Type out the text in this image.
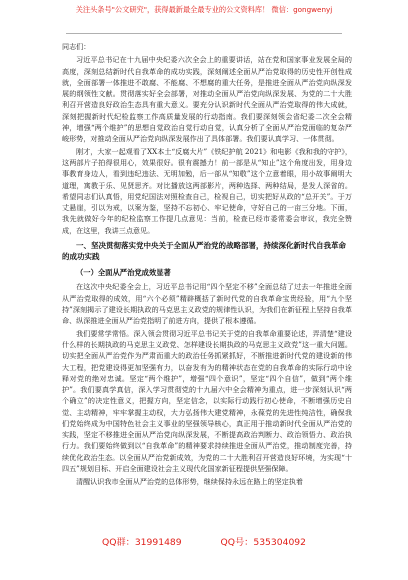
关注头条号"公文研究"，获得最新最全最专业的公文资料库！ 微信：gongwenyj

同志们：

习近平总书记在十九届中央纪委六次全会上的重要讲话，站在党和国家事业发展全局的高度，深刻总结新时代自我革命的成功实践，深刻阐述全面从严治党取得的历史性开创性成就，全面部署一体推进不敢腐、不能腐、不想腐的重大任务，是推进全面从严治党向纵深发展的纲领性文献。贯彻落实好全会部署，对推动全面从严治党向纵深发展、为党的二十大胜利召开营造良好政治生态具有重大意义。要充分认识新时代全面从严治党取得的伟大成就，深刻把握新时代纪检监察工作高质量发展的行动指南。我们要深刻领会省纪委二次全会精神，增强“两个维护”的思想自觉政治自觉行动自觉，认真分析了全面从严治党面临的复杂严峻形势，对推动全面从严治党向纵深发展作出了具体部署。我们要认真学习、一体贯彻。

刚才，大家一起观看了XX本土“反腐大片”《铁纪护航 2021》和电影《我和我的守护》，这两部片子拍得很用心，效果很好。很有震撼力！前一部是从“知止”这个角度出发，用身边事教育身边人，看到违纪违法、无明加勉，后一部从“知敬”这个立意着眼，用小故事阐明大道理，寓教于乐、见贤思齐。对比播放这两部影片，两种选择、两种结局，是发人深省的。希望同志们认真悟，用党纪国法对照检查自己，检视自己，切实把好从政的“总开关”。于万丈悬崖，引以为戒，以案为鉴，坚持不忘初心、牢记使命，守好自己的一亩三分地。下面，我先就做好今年的纪检监察工作提几点意见：当前，检查已经市委常委会审议，我完全赞成，在这里，我讲三点意见。

一、坚决贯彻落实党中央关于全面从严治党的战略部署，持续深化新时代自我革命的成功实践
（一）全面从严治党成效显著

在这次中央纪委全会上，习近平总书记用“四个坚定不移”全面总结了过去一年推进全面从严治党取得的成效，用“六个必须”精辟概括了新时代党的自我革命宝贵经验，用“九个坚持”深刻揭示了建设长期执政的马克思主义政党的规律性认识，为我们在新征程上坚持自我革命、纵深推进全面从严治党指明了前进方向，提供了根本遵循。

我们要常学常悟。深入领会贯彻习近平总书记关于党的自我革命重要论述，弄清楚“建设什么样的长期执政的马克思主义政党、怎样建设长期执政的马克思主义政党”这一重大问题。切实把全面从严治党作为严肃而重大的政治任务抓紧抓好，不断推进新时代党的建设新的伟大工程，把党建设得更加坚强有力，以奋发有为的精神状态在党的自我革命的实际行动中诠释对党的绝对忠诚。坚定“两个维护”，增强“四个意识”，坚定“四个自信”，做到“两个维护”。我们要真学真信，深入学习贯彻党的十九届六中全会精神为重点，进一步深刻认识“两个确立”的决定性意义，把握方向，坚定信念，以实际行动践行初心使命，不断增强历史自觉、主动精神，牢牢掌握主动权，大力弘扬伟大建党精神，永葆党的先进性纯洁性，确保我们党始终成为中国特色社会主义事业的坚强领导核心，真正用于推动新时代全面从严治党的实践，坚定不移推进全面从严治党向纵深发展，不断提高政治判断力、政治领悟力、政治执行力。我们要始终做到以“自我革命”的精神要求持续推进全面从严治党，推动制度完善，持续优化政治生态。以全面从严治党新成效，为党的二十大胜利召开营造良好环境，为实现“十四五”规划目标、开启全面建设社会主义现代化国家新征程提供坚强保障。

清醒认识我市全面从严治党的总体形势，继续保持永远在路上的坚定执着

QQ群：31991489	QQ号：535304092
